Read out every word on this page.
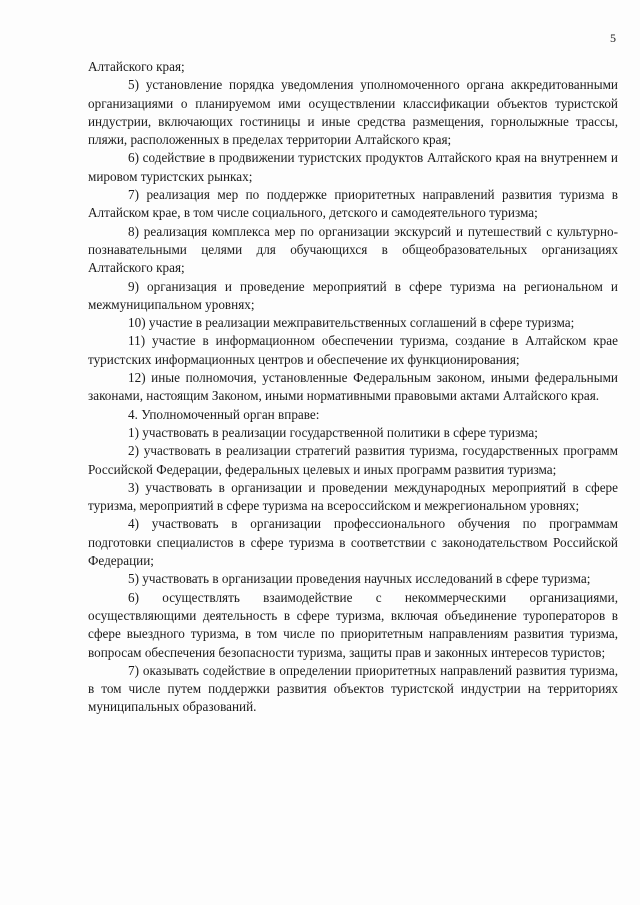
5

Алтайского края;

5) установление порядка уведомления уполномоченного органа аккредитованными организациями о планируемом ими осуществлении классификации объектов туристской индустрии, включающих гостиницы и иные средства размещения, горнолыжные трассы, пляжи, расположенных в пределах территории Алтайского края;

6) содействие в продвижении туристских продуктов Алтайского края на внутреннем и мировом туристских рынках;

7) реализация мер по поддержке приоритетных направлений развития туризма в Алтайском крае, в том числе социального, детского и самодеятельного туризма;

8) реализация комплекса мер по организации экскурсий и путешествий с культурно-познавательными целями для обучающихся в общеобразовательных организациях Алтайского края;

9) организация и проведение мероприятий в сфере туризма на региональном и межмуниципальном уровнях;

10) участие в реализации межправительственных соглашений в сфере туризма;

11) участие в информационном обеспечении туризма, создание в Алтайском крае туристских информационных центров и обеспечение их функционирования;

12) иные полномочия, установленные Федеральным законом, иными федеральными законами, настоящим Законом, иными нормативными правовыми актами Алтайского края.

4. Уполномоченный орган вправе:

1) участвовать в реализации государственной политики в сфере туризма;

2) участвовать в реализации стратегий развития туризма, государственных программ Российской Федерации, федеральных целевых и иных программ развития туризма;

3) участвовать в организации и проведении международных мероприятий в сфере туризма, мероприятий в сфере туризма на всероссийском и межрегиональном уровнях;

4) участвовать в организации профессионального обучения по программам подготовки специалистов в сфере туризма в соответствии с законодательством Российской Федерации;

5) участвовать в организации проведения научных исследований в сфере туризма;

6) осуществлять взаимодействие с некоммерческими организациями, осуществляющими деятельность в сфере туризма, включая объединение туроператоров в сфере выездного туризма, в том числе по приоритетным направлениям развития туризма, вопросам обеспечения безопасности туризма, защиты прав и законных интересов туристов;

7) оказывать содействие в определении приоритетных направлений развития туризма, в том числе путем поддержки развития объектов туристской индустрии на территориях муниципальных образований.
